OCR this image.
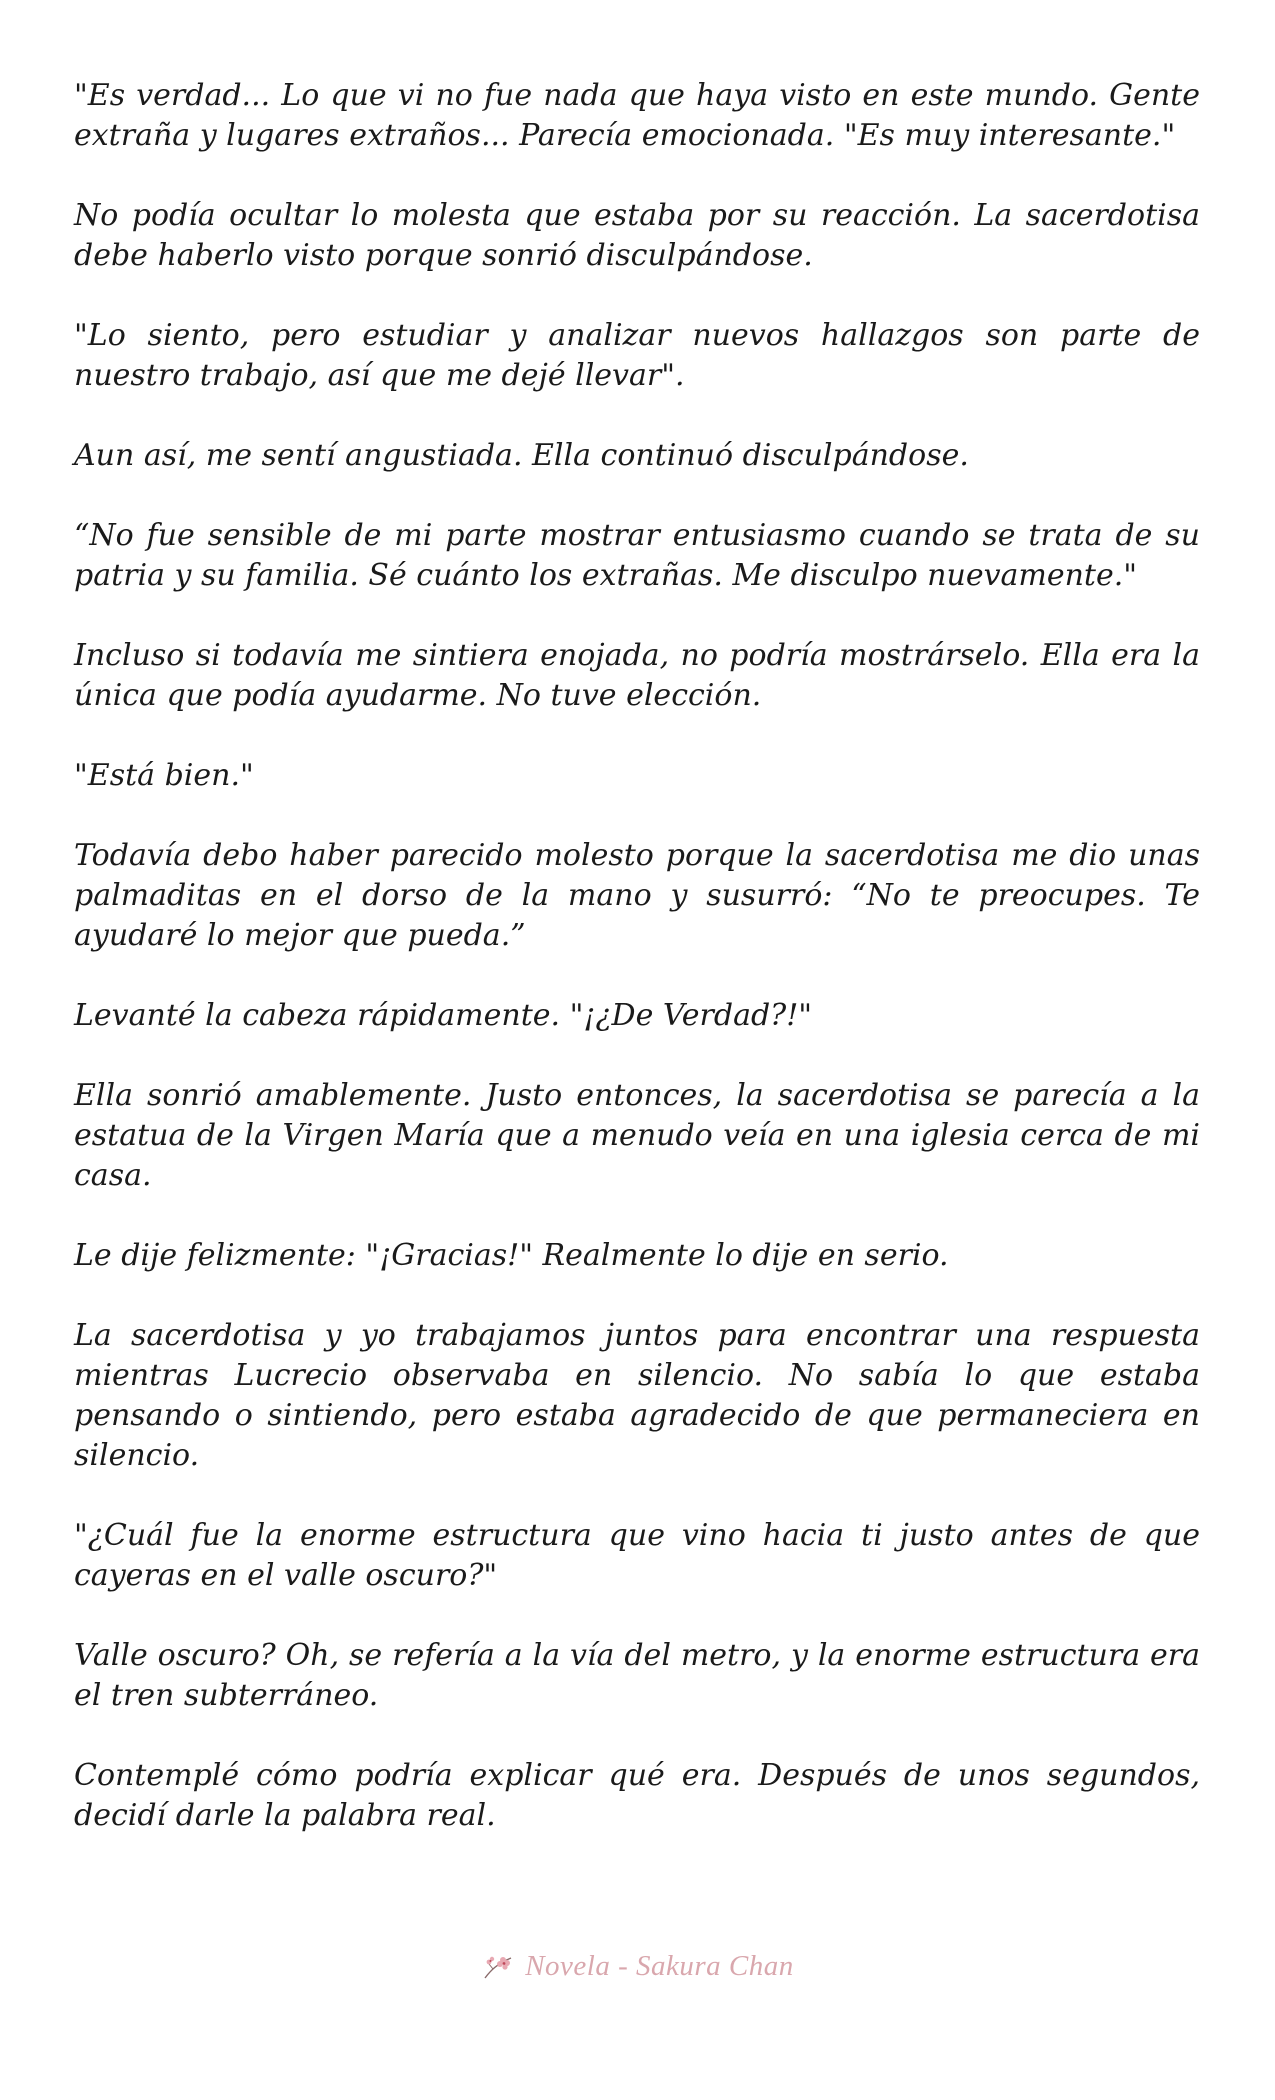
"Es verdad... Lo que vi no fue nada que haya visto en este mundo. Gente extraña y lugares extraños... Parecía emocionada. "Es muy interesante."

No podía ocultar lo molesta que estaba por su reacción. La sacerdotisa debe haberlo visto porque sonrió disculpándose.

"Lo siento, pero estudiar y analizar nuevos hallazgos son parte de nuestro trabajo, así que me dejé llevar".

Aun así, me sentí angustiada. Ella continuó disculpándose.

“No fue sensible de mi parte mostrar entusiasmo cuando se trata de su patria y su familia. Sé cuánto los extrañas. Me disculpo nuevamente."

Incluso si todavía me sintiera enojada, no podría mostrárselo. Ella era la única que podía ayudarme. No tuve elección.

"Está bien."

Todavía debo haber parecido molesto porque la sacerdotisa me dio unas palmaditas en el dorso de la mano y susurró: “No te preocupes. Te ayudaré lo mejor que pueda.”

Levanté la cabeza rápidamente. "¡¿De Verdad?!"

Ella sonrió amablemente. Justo entonces, la sacerdotisa se parecía a la estatua de la Virgen María que a menudo veía en una iglesia cerca de mi casa.

Le dije felizmente: "¡Gracias!" Realmente lo dije en serio.

La sacerdotisa y yo trabajamos juntos para encontrar una respuesta mientras Lucrecio observaba en silencio. No sabía lo que estaba pensando o sintiendo, pero estaba agradecido de que permaneciera en silencio.

"¿Cuál fue la enorme estructura que vino hacia ti justo antes de que cayeras en el valle oscuro?"

Valle oscuro? Oh, se refería a la vía del metro, y la enorme estructura era el tren subterráneo.

Contemplé cómo podría explicar qué era. Después de unos segundos, decidí darle la palabra real.

Novela - Sakura Chan
